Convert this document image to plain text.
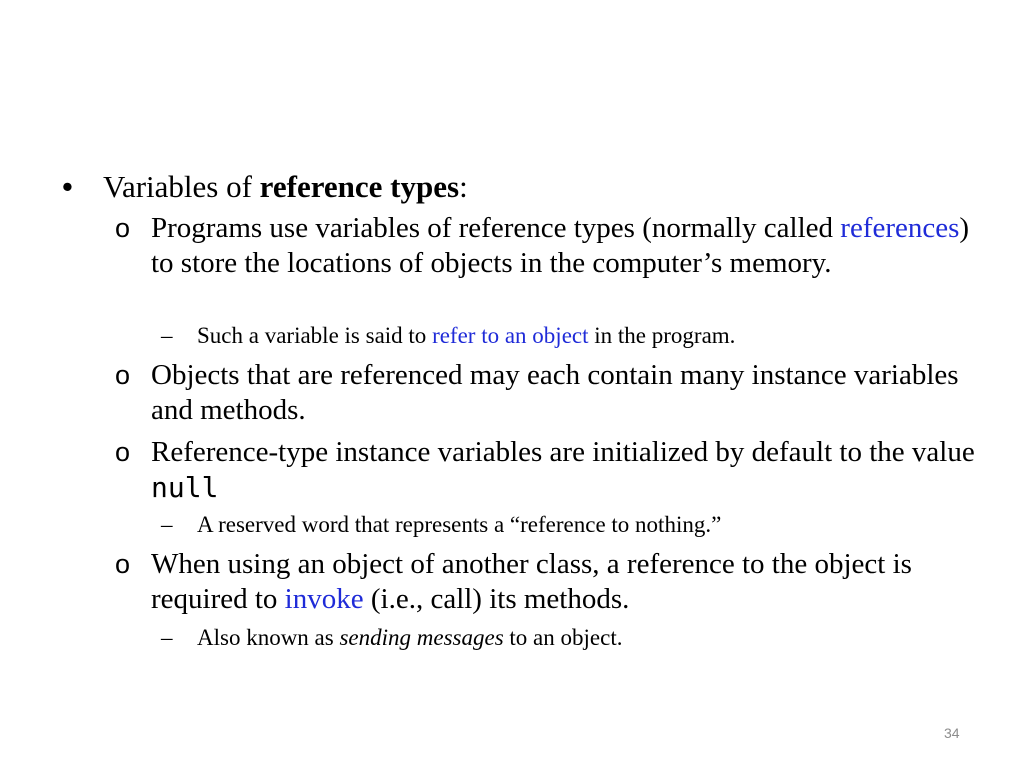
• Variables of reference types:
o Programs use variables of reference types (normally called references) to store the locations of objects in the computer’s memory.
– Such a variable is said to refer to an object in the program.
o Objects that are referenced may each contain many instance variables and methods.
o Reference-type instance variables are initialized by default to the value null
– A reserved word that represents a “reference to nothing.”
o When using an object of another class, a reference to the object is required to invoke (i.e., call) its methods.
– Also known as sending messages to an object.
34
